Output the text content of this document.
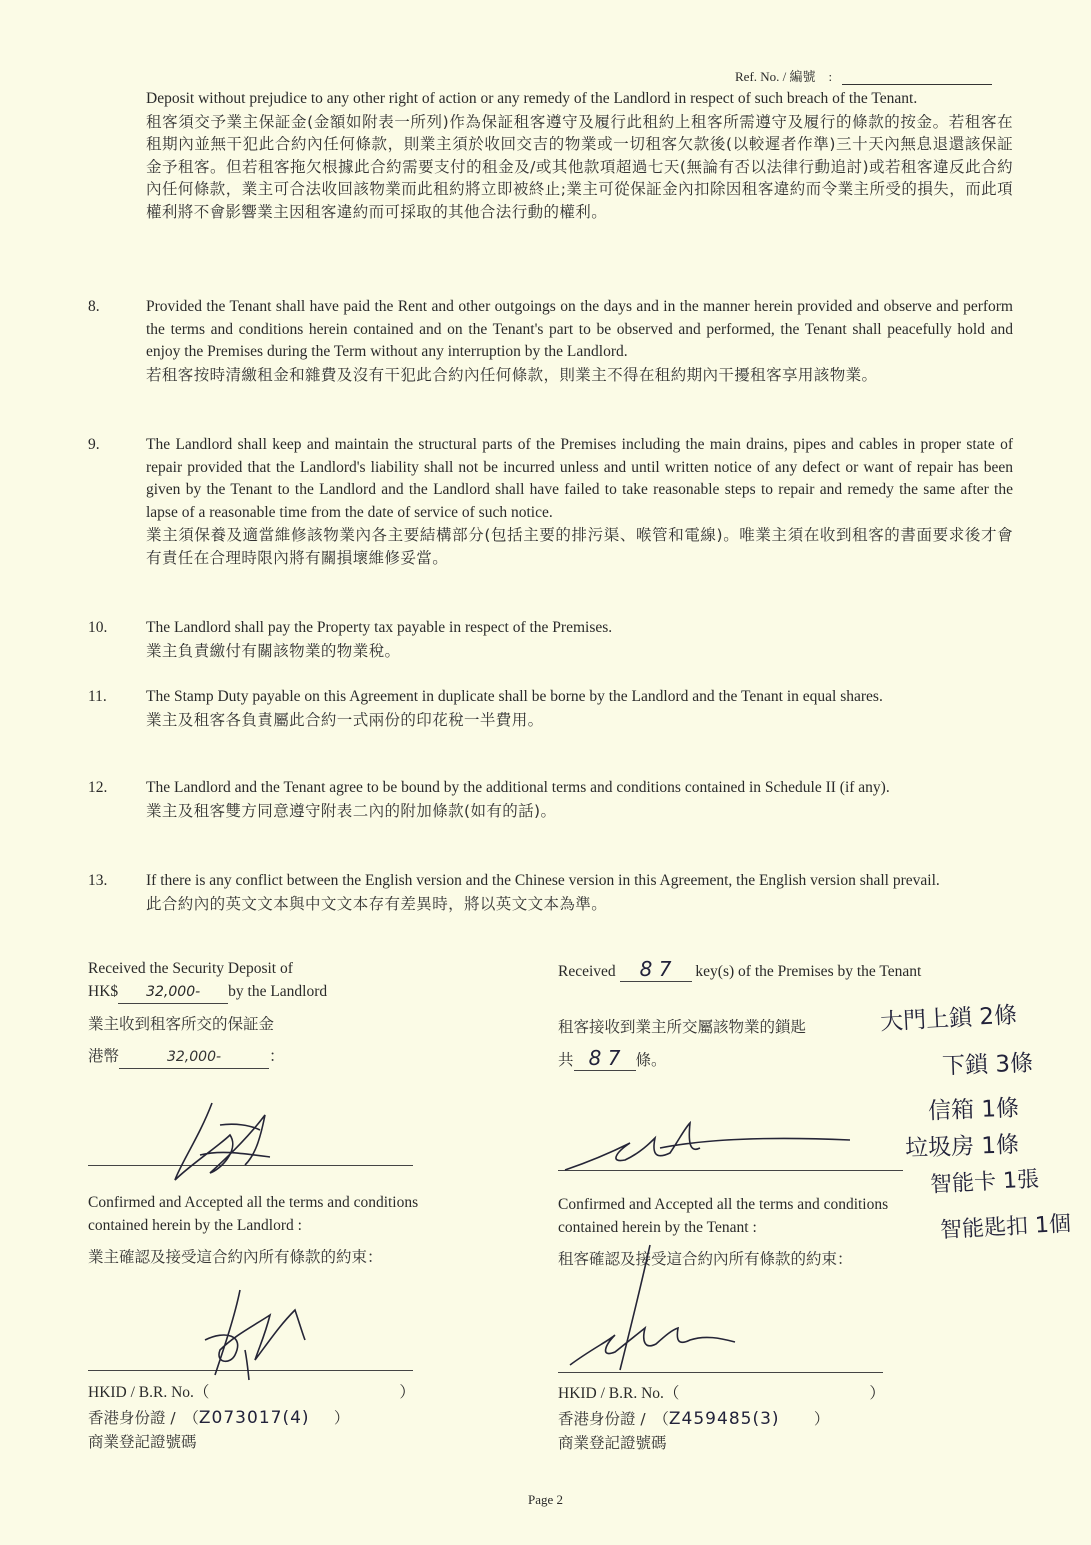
Ref. No. / 編號　:
Deposit without prejudice to any other right of action or any remedy of the Landlord in respect of such breach of the Tenant.
租客須交予業主保証金(金額如附表一所列)作為保証租客遵守及履行此租約上租客所需遵守及履行的條款的按金。若租客在租期內並無干犯此合約內任何條款，則業主須於收回交吉的物業或一切租客欠款後(以較遲者作準)三十天內無息退還該保証金予租客。但若租客拖欠根據此合約需要支付的租金及/或其他款項超過七天(無論有否以法律行動追討)或若租客違反此合約內任何條款，業主可合法收回該物業而此租約將立即被終止;業主可從保証金內扣除因租客違約而令業主所受的損失，而此項權利將不會影響業主因租客違約而可採取的其他合法行動的權利。
8.	Provided the Tenant shall have paid the Rent and other outgoings on the days and in the manner herein provided and observe and perform the terms and conditions herein contained and on the Tenant's part to be observed and performed, the Tenant shall peacefully hold and enjoy the Premises during the Term without any interruption by the Landlord.
若租客按時清繳租金和雜費及沒有干犯此合約內任何條款，則業主不得在租約期內干擾租客享用該物業。
9.	The Landlord shall keep and maintain the structural parts of the Premises including the main drains, pipes and cables in proper state of repair provided that the Landlord's liability shall not be incurred unless and until written notice of any defect or want of repair has been given by the Tenant to the Landlord and the Landlord shall have failed to take reasonable steps to repair and remedy the same after the lapse of a reasonable time from the date of service of such notice.
業主須保養及適當維修該物業內各主要結構部分(包括主要的排污渠、喉管和電線)。唯業主須在收到租客的書面要求後才會有責任在合理時限內將有關損壞維修妥當。
10.	The Landlord shall pay the Property tax payable in respect of the Premises.
業主負責繳付有關該物業的物業稅。
11.	The Stamp Duty payable on this Agreement in duplicate shall be borne by the Landlord and the Tenant in equal shares.
業主及租客各負責屬此合約一式兩份的印花稅一半費用。
12.	The Landlord and the Tenant agree to be bound by the additional terms and conditions contained in Schedule II (if any).
業主及租客雙方同意遵守附表二內的附加條款(如有的話)。
13.	If there is any conflict between the English version and the Chinese version in this Agreement, the English version shall prevail.
此合約內的英文文本與中文文本存有差異時，將以英文文本為準。
Received the Security Deposit of
HK$ 32,000- by the Landlord
業主收到租客所交的保証金
港幣	32,000-	：
Confirmed and Accepted all the terms and conditions
contained herein by the Landlord :
業主確認及接受這合約內所有條款的約束：
HKID / B.R. No.（	）
香港身份證 /　（Z073017(4) ）
商業登記證號碼
Received 8 7 key(s) of the Premises by the Tenant
租客接收到業主所交屬該物業的鎖匙
共 8 7 條。
Confirmed and Accepted all the terms and conditions
contained herein by the Tenant :
租客確認及接受這合約內所有條款的約束：
HKID / B.R. No.（	）
香港身份證 /　（Z459485(3) ）
商業登記證號碼
大門上鎖 2條
下鎖 3條
信箱 1條
垃圾房 1條
智能卡 1張
智能匙扣 1個
Page 2
